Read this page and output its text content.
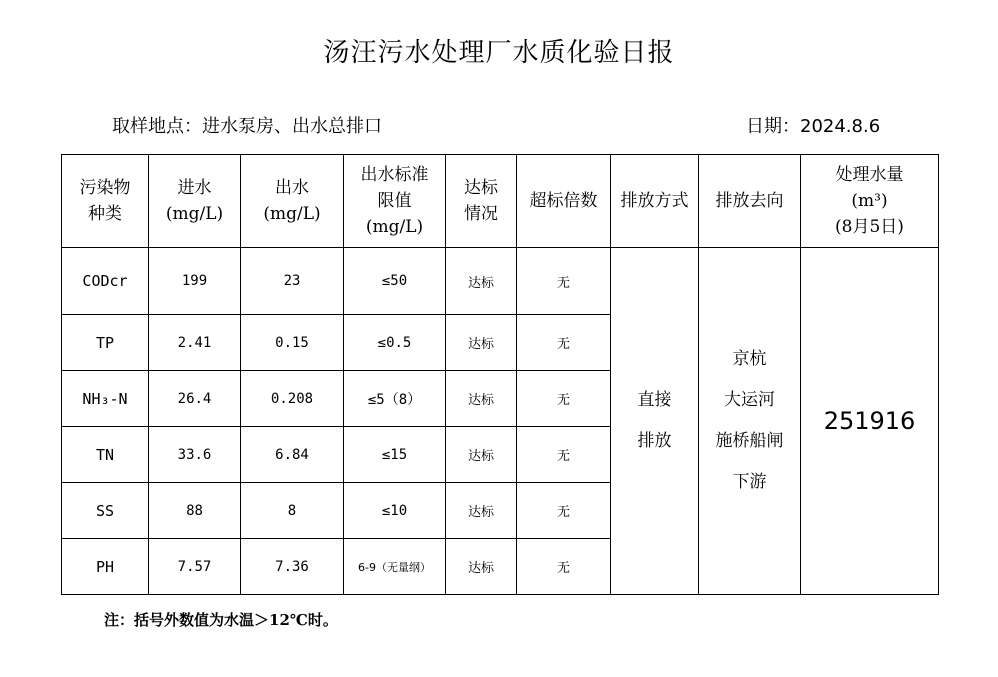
汤汪污水处理厂水质化验日报
取样地点：进水泵房、出水总排口	日期：2024.8.6
污染物
种类	进水
(mg/L)	出水
(mg/L)	出水标准
限值
(mg/L)	达标
情况	超标倍数	排放方式	排放去向	处理水量
(m³)
(8月5日)

CODcr	199	23	≤50	达标	无	直接
排放	京杭
大运河
施桥船闸
下游	251916
TP	2.41	0.15	≤0.5	达标	无			
NH₃-N	26.4	0.208	≤5（8）	达标	无			
TN	33.6	6.84	≤15	达标	无			
SS	88	8	≤10	达标	无			
PH	7.57	7.36	6-9（无量纲）	达标	无			
注：括号外数值为水温＞12℃时。
